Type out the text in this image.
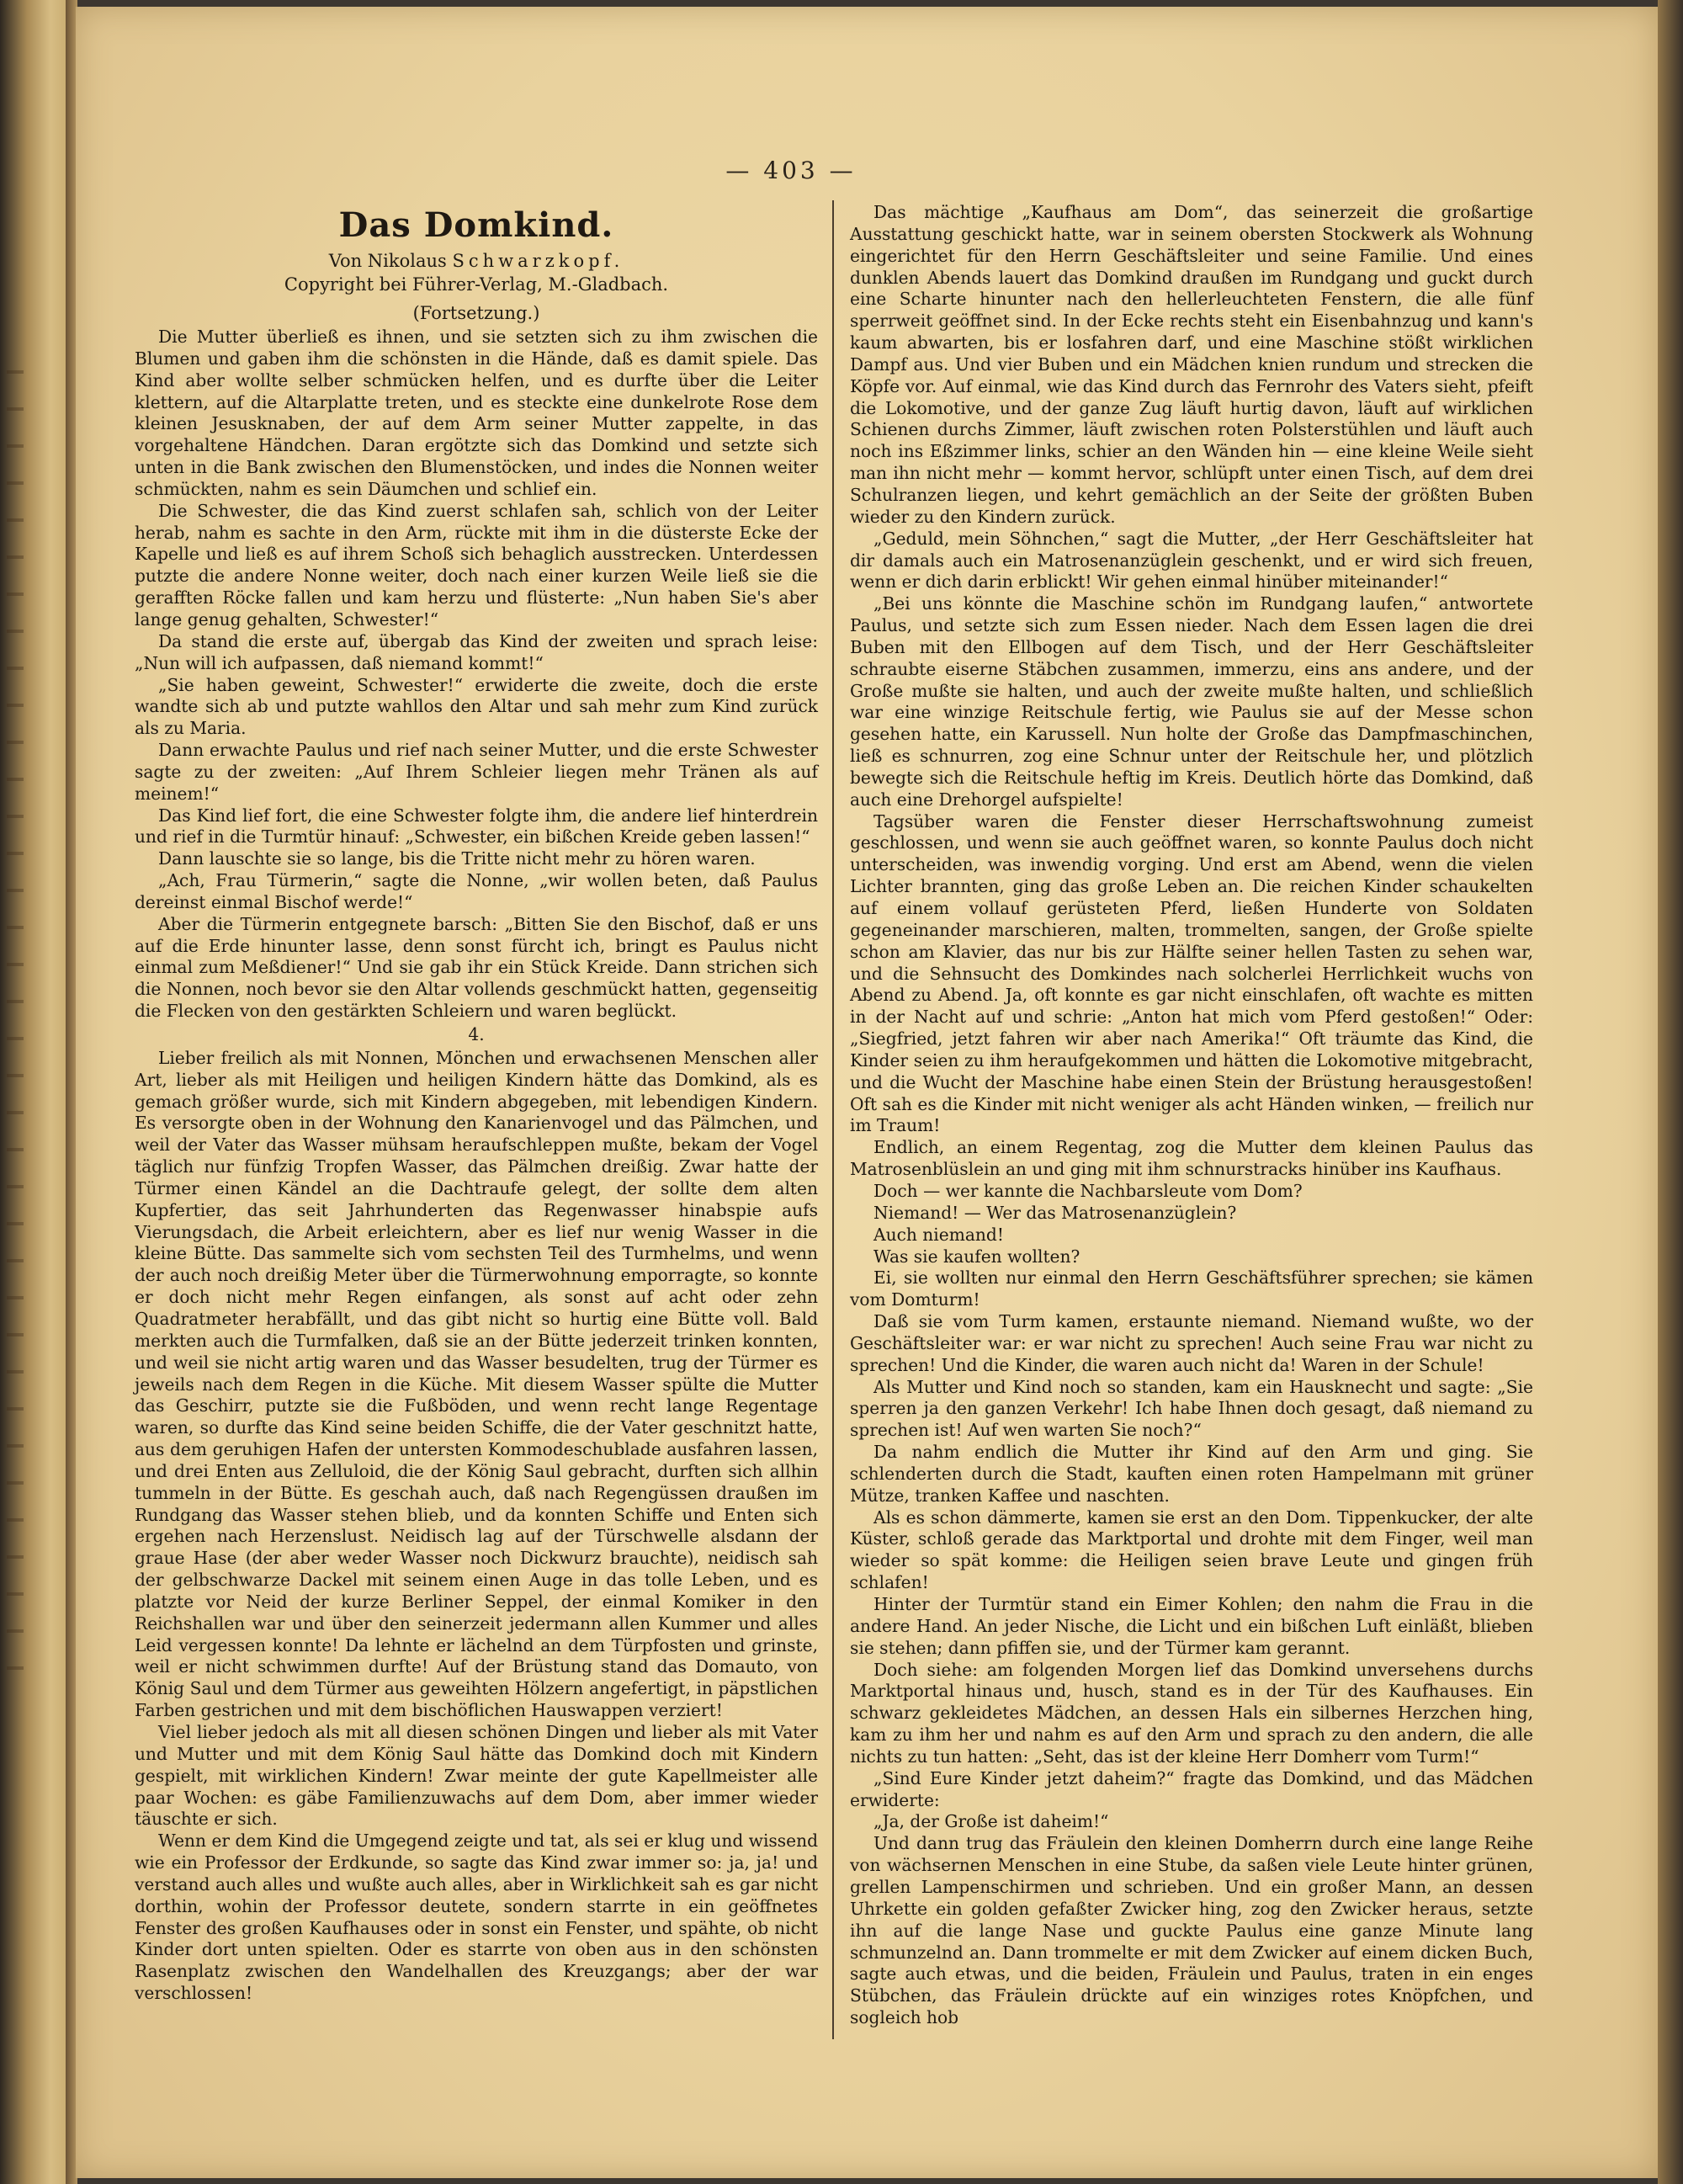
— 403 —
Das Domkind.
Von Nikolaus Schwarzkopf.
Copyright bei Führer-Verlag, M.-Gladbach.
(Fortsetzung.)

Die Mutter überließ es ihnen, und sie setzten sich zu ihm zwischen die Blumen und gaben ihm die schönsten in die Hände, daß es damit spiele. Das Kind aber wollte selber schmücken helfen, und es durfte über die Leiter klettern, auf die Altarplatte treten, und es steckte eine dunkelrote Rose dem kleinen Jesusknaben, der auf dem Arm seiner Mutter zappelte, in das vorgehaltene Händchen. Daran ergötzte sich das Domkind und setzte sich unten in die Bank zwischen den Blumenstöcken, und indes die Nonnen weiter schmückten, nahm es sein Däumchen und schlief ein.

Die Schwester, die das Kind zuerst schlafen sah, schlich von der Leiter herab, nahm es sachte in den Arm, rückte mit ihm in die düsterste Ecke der Kapelle und ließ es auf ihrem Schoß sich behaglich ausstrecken. Unterdessen putzte die andere Nonne weiter, doch nach einer kurzen Weile ließ sie die gerafften Röcke fallen und kam herzu und flüsterte: „Nun haben Sie's aber lange genug gehalten, Schwester!“

Da stand die erste auf, übergab das Kind der zweiten und sprach leise: „Nun will ich aufpassen, daß niemand kommt!“

„Sie haben geweint, Schwester!“ erwiderte die zweite, doch die erste wandte sich ab und putzte wahllos den Altar und sah mehr zum Kind zurück als zu Maria.

Dann erwachte Paulus und rief nach seiner Mutter, und die erste Schwester sagte zu der zweiten: „Auf Ihrem Schleier liegen mehr Tränen als auf meinem!“

Das Kind lief fort, die eine Schwester folgte ihm, die andere lief hinterdrein und rief in die Turmtür hinauf: „Schwester, ein bißchen Kreide geben lassen!“

Dann lauschte sie so lange, bis die Tritte nicht mehr zu hören waren.

„Ach, Frau Türmerin,“ sagte die Nonne, „wir wollen beten, daß Paulus dereinst einmal Bischof werde!“

Aber die Türmerin entgegnete barsch: „Bitten Sie den Bischof, daß er uns auf die Erde hinunter lasse, denn sonst fürcht ich, bringt es Paulus nicht einmal zum Meßdiener!“ Und sie gab ihr ein Stück Kreide. Dann strichen sich die Nonnen, noch bevor sie den Altar vollends geschmückt hatten, gegenseitig die Flecken von den gestärkten Schleiern und waren beglückt.

4.

Lieber freilich als mit Nonnen, Mönchen und erwachsenen Menschen aller Art, lieber als mit Heiligen und heiligen Kindern hätte das Domkind, als es gemach größer wurde, sich mit Kindern abgegeben, mit lebendigen Kindern. Es versorgte oben in der Wohnung den Kanarienvogel und das Pälmchen, und weil der Vater das Wasser mühsam heraufschleppen mußte, bekam der Vogel täglich nur fünfzig Tropfen Wasser, das Pälmchen dreißig. Zwar hatte der Türmer einen Kändel an die Dachtraufe gelegt, der sollte dem alten Kupfertier, das seit Jahrhunderten das Regenwasser hinabspie aufs Vierungsdach, die Arbeit erleichtern, aber es lief nur wenig Wasser in die kleine Bütte. Das sammelte sich vom sechsten Teil des Turmhelms, und wenn der auch noch dreißig Meter über die Türmerwohnung emporragte, so konnte er doch nicht mehr Regen einfangen, als sonst auf acht oder zehn Quadratmeter herabfällt, und das gibt nicht so hurtig eine Bütte voll. Bald merkten auch die Turmfalken, daß sie an der Bütte jederzeit trinken konnten, und weil sie nicht artig waren und das Wasser besudelten, trug der Türmer es jeweils nach dem Regen in die Küche. Mit diesem Wasser spülte die Mutter das Geschirr, putzte sie die Fußböden, und wenn recht lange Regentage waren, so durfte das Kind seine beiden Schiffe, die der Vater geschnitzt hatte, aus dem geruhigen Hafen der untersten Kommodeschublade ausfahren lassen, und drei Enten aus Zelluloid, die der König Saul gebracht, durften sich allhin tummeln in der Bütte. Es geschah auch, daß nach Regengüssen draußen im Rundgang das Wasser stehen blieb, und da konnten Schiffe und Enten sich ergehen nach Herzenslust. Neidisch lag auf der Türschwelle alsdann der graue Hase (der aber weder Wasser noch Dickwurz brauchte), neidisch sah der gelbschwarze Dackel mit seinem einen Auge in das tolle Leben, und es platzte vor Neid der kurze Berliner Seppel, der einmal Komiker in den Reichshallen war und über den seinerzeit jedermann allen Kummer und alles Leid vergessen konnte! Da lehnte er lächelnd an dem Türpfosten und grinste, weil er nicht schwimmen durfte! Auf der Brüstung stand das Domauto, von König Saul und dem Türmer aus geweihten Hölzern angefertigt, in päpstlichen Farben gestrichen und mit dem bischöflichen Hauswappen verziert!

Viel lieber jedoch als mit all diesen schönen Dingen und lieber als mit Vater und Mutter und mit dem König Saul hätte das Domkind doch mit Kindern gespielt, mit wirklichen Kindern! Zwar meinte der gute Kapellmeister alle paar Wochen: es gäbe Familienzuwachs auf dem Dom, aber immer wieder täuschte er sich.

Wenn er dem Kind die Umgegend zeigte und tat, als sei er klug und wissend wie ein Professor der Erdkunde, so sagte das Kind zwar immer so: ja, ja! und verstand auch alles und wußte auch alles, aber in Wirklichkeit sah es gar nicht dorthin, wohin der Professor deutete, sondern starrte in ein geöffnetes Fenster des großen Kaufhauses oder in sonst ein Fenster, und spähte, ob nicht Kinder dort unten spielten. Oder es starrte von oben aus in den schönsten Rasenplatz zwischen den Wandelhallen des Kreuzgangs; aber der war verschlossen!

Das mächtige „Kaufhaus am Dom“, das seinerzeit die großartige Ausstattung geschickt hatte, war in seinem obersten Stockwerk als Wohnung eingerichtet für den Herrn Geschäftsleiter und seine Familie. Und eines dunklen Abends lauert das Domkind draußen im Rundgang und guckt durch eine Scharte hinunter nach den hellerleuchteten Fenstern, die alle fünf sperrweit geöffnet sind. In der Ecke rechts steht ein Eisenbahnzug und kann's kaum abwarten, bis er losfahren darf, und eine Maschine stößt wirklichen Dampf aus. Und vier Buben und ein Mädchen knien rundum und strecken die Köpfe vor. Auf einmal, wie das Kind durch das Fernrohr des Vaters sieht, pfeift die Lokomotive, und der ganze Zug läuft hurtig davon, läuft auf wirklichen Schienen durchs Zimmer, läuft zwischen roten Polsterstühlen und läuft auch noch ins Eßzimmer links, schier an den Wänden hin — eine kleine Weile sieht man ihn nicht mehr — kommt hervor, schlüpft unter einen Tisch, auf dem drei Schulranzen liegen, und kehrt gemächlich an der Seite der größten Buben wieder zu den Kindern zurück.

„Geduld, mein Söhnchen,“ sagt die Mutter, „der Herr Geschäftsleiter hat dir damals auch ein Matrosenanzüglein geschenkt, und er wird sich freuen, wenn er dich darin erblickt! Wir gehen einmal hinüber miteinander!“

„Bei uns könnte die Maschine schön im Rundgang laufen,“ antwortete Paulus, und setzte sich zum Essen nieder. Nach dem Essen lagen die drei Buben mit den Ellbogen auf dem Tisch, und der Herr Geschäftsleiter schraubte eiserne Stäbchen zusammen, immerzu, eins ans andere, und der Große mußte sie halten, und auch der zweite mußte halten, und schließlich war eine winzige Reitschule fertig, wie Paulus sie auf der Messe schon gesehen hatte, ein Karussell. Nun holte der Große das Dampfmaschinchen, ließ es schnurren, zog eine Schnur unter der Reitschule her, und plötzlich bewegte sich die Reitschule heftig im Kreis. Deutlich hörte das Domkind, daß auch eine Drehorgel aufspielte!

Tagsüber waren die Fenster dieser Herrschaftswohnung zumeist geschlossen, und wenn sie auch geöffnet waren, so konnte Paulus doch nicht unterscheiden, was inwendig vorging. Und erst am Abend, wenn die vielen Lichter brannten, ging das große Leben an. Die reichen Kinder schaukelten auf einem vollauf gerüsteten Pferd, ließen Hunderte von Soldaten gegeneinander marschieren, malten, trommelten, sangen, der Große spielte schon am Klavier, das nur bis zur Hälfte seiner hellen Tasten zu sehen war, und die Sehnsucht des Domkindes nach solcherlei Herrlichkeit wuchs von Abend zu Abend. Ja, oft konnte es gar nicht einschlafen, oft wachte es mitten in der Nacht auf und schrie: „Anton hat mich vom Pferd gestoßen!“ Oder: „Siegfried, jetzt fahren wir aber nach Amerika!“ Oft träumte das Kind, die Kinder seien zu ihm heraufgekommen und hätten die Lokomotive mitgebracht, und die Wucht der Maschine habe einen Stein der Brüstung herausgestoßen! Oft sah es die Kinder mit nicht weniger als acht Händen winken, — freilich nur im Traum!

Endlich, an einem Regentag, zog die Mutter dem kleinen Paulus das Matrosenblüslein an und ging mit ihm schnurstracks hinüber ins Kaufhaus.

Doch — wer kannte die Nachbarsleute vom Dom?

Niemand! — Wer das Matrosenanzüglein?

Auch niemand!

Was sie kaufen wollten?

Ei, sie wollten nur einmal den Herrn Geschäftsführer sprechen; sie kämen vom Domturm!

Daß sie vom Turm kamen, erstaunte niemand. Niemand wußte, wo der Geschäftsleiter war: er war nicht zu sprechen! Auch seine Frau war nicht zu sprechen! Und die Kinder, die waren auch nicht da! Waren in der Schule!

Als Mutter und Kind noch so standen, kam ein Hausknecht und sagte: „Sie sperren ja den ganzen Verkehr! Ich habe Ihnen doch gesagt, daß niemand zu sprechen ist! Auf wen warten Sie noch?“

Da nahm endlich die Mutter ihr Kind auf den Arm und ging. Sie schlenderten durch die Stadt, kauften einen roten Hampelmann mit grüner Mütze, tranken Kaffee und naschten.

Als es schon dämmerte, kamen sie erst an den Dom. Tippenkucker, der alte Küster, schloß gerade das Marktportal und drohte mit dem Finger, weil man wieder so spät komme: die Heiligen seien brave Leute und gingen früh schlafen!

Hinter der Turmtür stand ein Eimer Kohlen; den nahm die Frau in die andere Hand. An jeder Nische, die Licht und ein bißchen Luft einläßt, blieben sie stehen; dann pfiffen sie, und der Türmer kam gerannt.

Doch siehe: am folgenden Morgen lief das Domkind unversehens durchs Marktportal hinaus und, husch, stand es in der Tür des Kaufhauses. Ein schwarz gekleidetes Mädchen, an dessen Hals ein silbernes Herzchen hing, kam zu ihm her und nahm es auf den Arm und sprach zu den andern, die alle nichts zu tun hatten: „Seht, das ist der kleine Herr Domherr vom Turm!“

„Sind Eure Kinder jetzt daheim?“ fragte das Domkind, und das Mädchen erwiderte:

„Ja, der Große ist daheim!“

Und dann trug das Fräulein den kleinen Domherrn durch eine lange Reihe von wächsernen Menschen in eine Stube, da saßen viele Leute hinter grünen, grellen Lampenschirmen und schrieben. Und ein großer Mann, an dessen Uhrkette ein golden gefaßter Zwicker hing, zog den Zwicker heraus, setzte ihn auf die lange Nase und guckte Paulus eine ganze Minute lang schmunzelnd an. Dann trommelte er mit dem Zwicker auf einem dicken Buch, sagte auch etwas, und die beiden, Fräulein und Paulus, traten in ein enges Stübchen, das Fräulein drückte auf ein winziges rotes Knöpfchen, und sogleich hob
